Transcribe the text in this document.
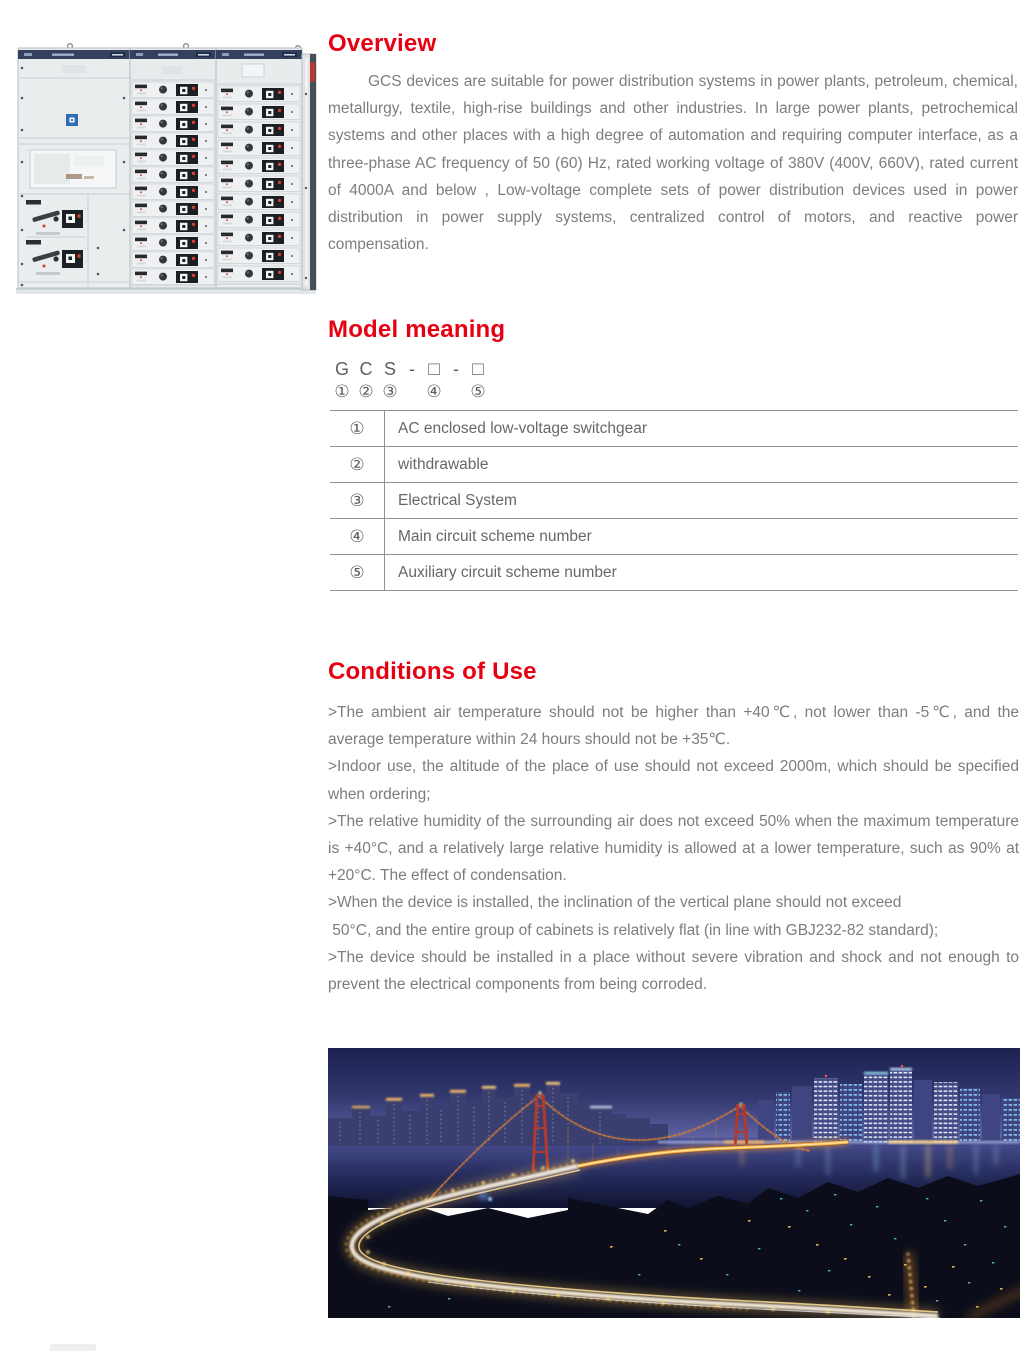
Overview

GCS devices are suitable for power distribution systems in power plants, petroleum, chemical, metallurgy, textile, high-rise buildings and other industries. In large power plants, petrochemical systems and other places with a high degree of automation and requiring computer interface, as a three-phase AC frequency of 50 (60) Hz, rated working voltage of 380V (400V, 660V), rated current of 4000A and below , Low-voltage complete sets of power distribution devices used in power distribution in power supply systems, centralized control of motors, and reactive power compensation.

Model meaning
G C S - □ - □
① ② ③ ④ ⑤
①	AC enclosed low-voltage switchgear
②	withdrawable
③	Electrical System
④	Main circuit scheme number
⑤	Auxiliary circuit scheme number
Conditions of Use

>The ambient air temperature should not be higher than +40℃, not lower than -5℃, and the average temperature within 24 hours should not be +35℃.

>Indoor use, the altitude of the place of use should not exceed 2000m, which should be specified when ordering;

>The relative humidity of the surrounding air does not exceed 50% when the maximum temperature is +40°C, and a relatively large relative humidity is allowed at a lower temperature, such as 90% at +20°C. The effect of condensation.

>When the device is installed, the inclination of the vertical plane should not exceed
50°C, and the entire group of cabinets is relatively flat (in line with GBJ232-82 standard);

>The device should be installed in a place without severe vibration and shock and not enough to prevent the electrical components from being corroded.
